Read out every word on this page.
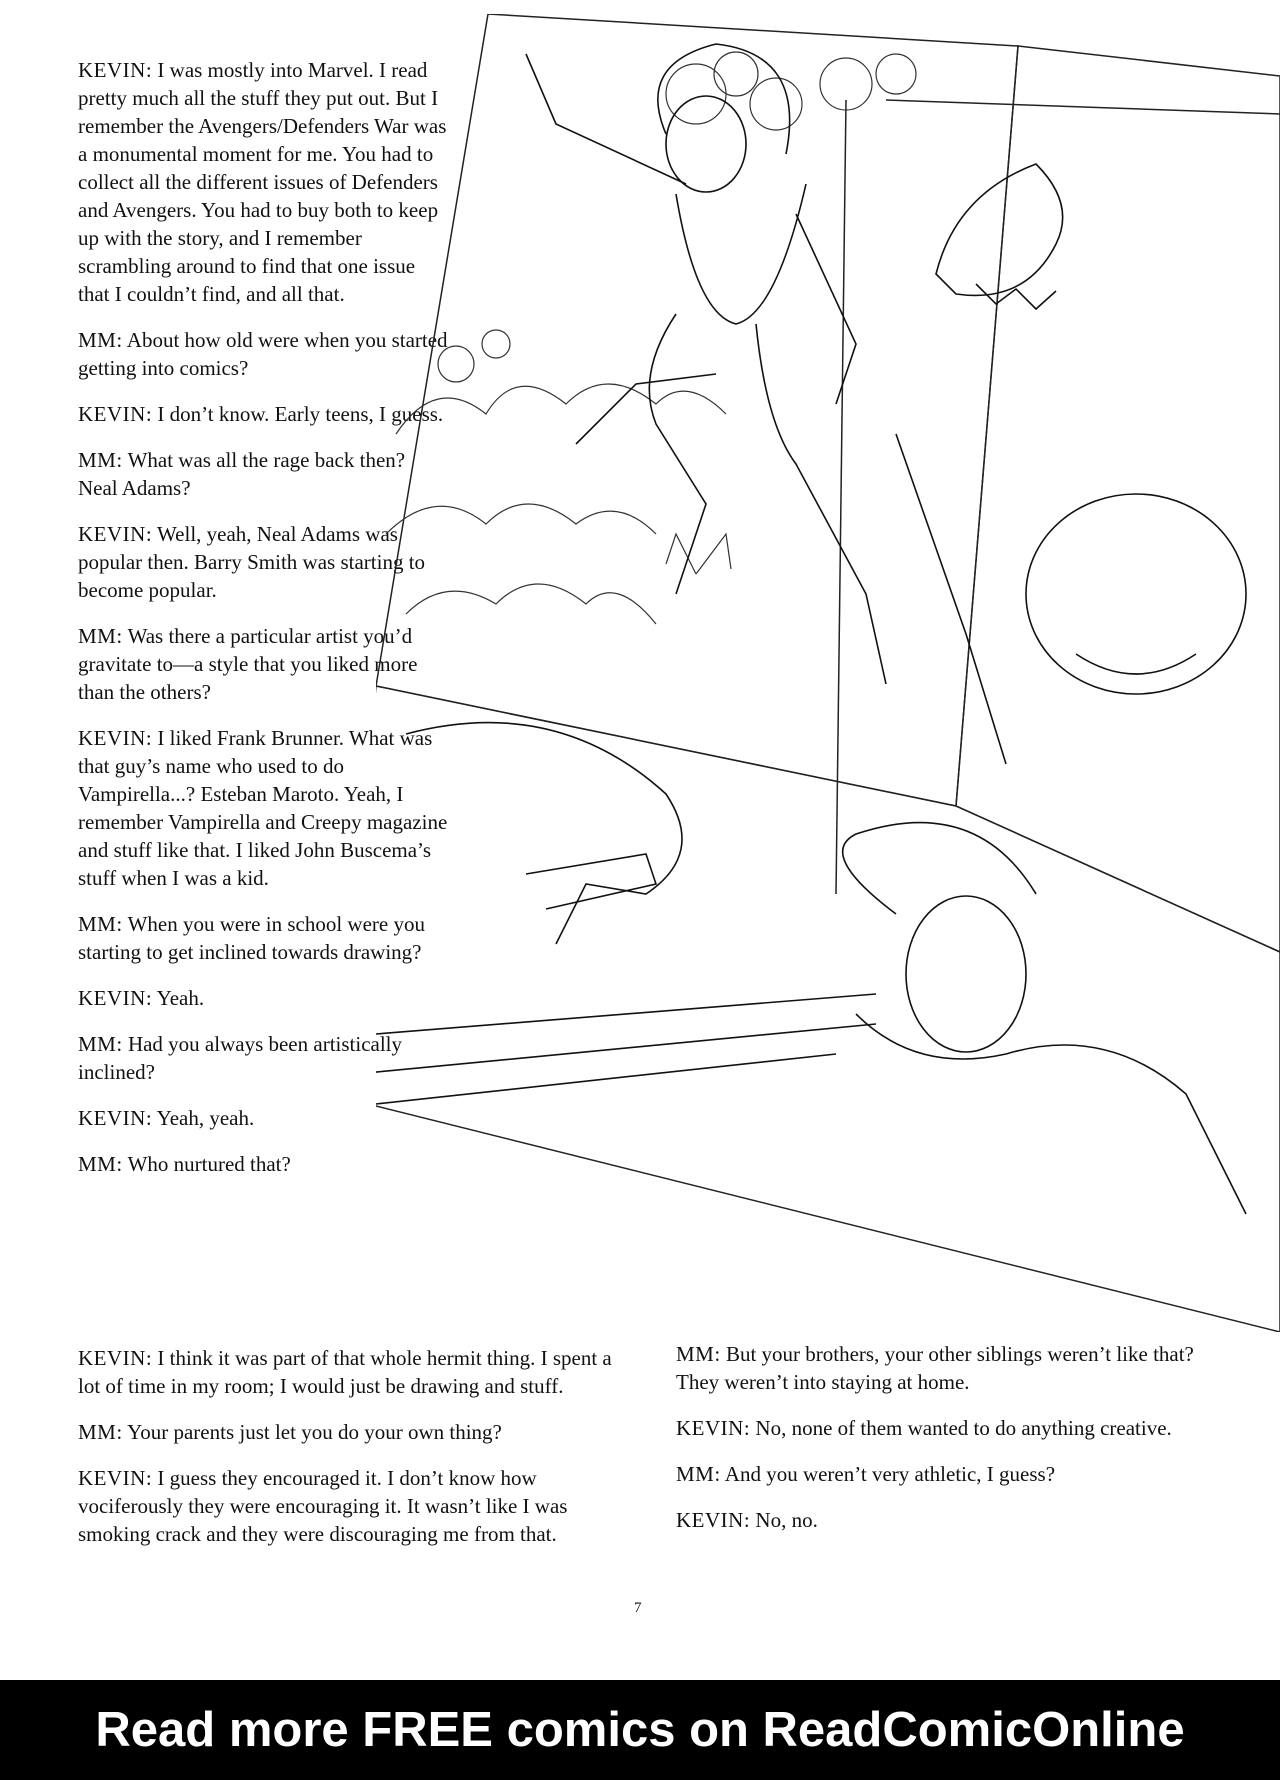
KEVIN: I was mostly into Marvel. I read pretty much all the stuff they put out. But I remember the Avengers/Defenders War was a monumental moment for me. You had to collect all the different issues of Defenders and Avengers. You had to buy both to keep up with the story, and I remember scrambling around to find that one issue that I couldn’t find, and all that.

MM: About how old were when you started getting into comics?

KEVIN: I don’t know. Early teens, I guess.

MM: What was all the rage back then? Neal Adams?

KEVIN: Well, yeah, Neal Adams was popular then. Barry Smith was starting to become popular.

MM: Was there a particular artist you’d gravitate to—a style that you liked more than the others?

KEVIN: I liked Frank Brunner. What was that guy’s name who used to do Vampirella...? Esteban Maroto. Yeah, I remember Vampirella and Creepy magazine and stuff like that. I liked John Buscema’s stuff when I was a kid.

MM: When you were in school were you starting to get inclined towards drawing?

KEVIN: Yeah.

MM: Had you always been artistically inclined?

KEVIN: Yeah, yeah.

MM: Who nurtured that?

KEVIN: I think it was part of that whole hermit thing. I spent a lot of time in my room; I would just be drawing and stuff.

MM: Your parents just let you do your own thing?

KEVIN: I guess they encouraged it. I don’t know how vociferously they were encouraging it. It wasn’t like I was smoking crack and they were discouraging me from that.

MM: But your brothers, your other siblings weren’t like that? They weren’t into staying at home.

KEVIN: No, none of them wanted to do anything creative.

MM: And you weren’t very athletic, I guess?

KEVIN: No, no.

7
Read more FREE comics on ReadComicOnline
